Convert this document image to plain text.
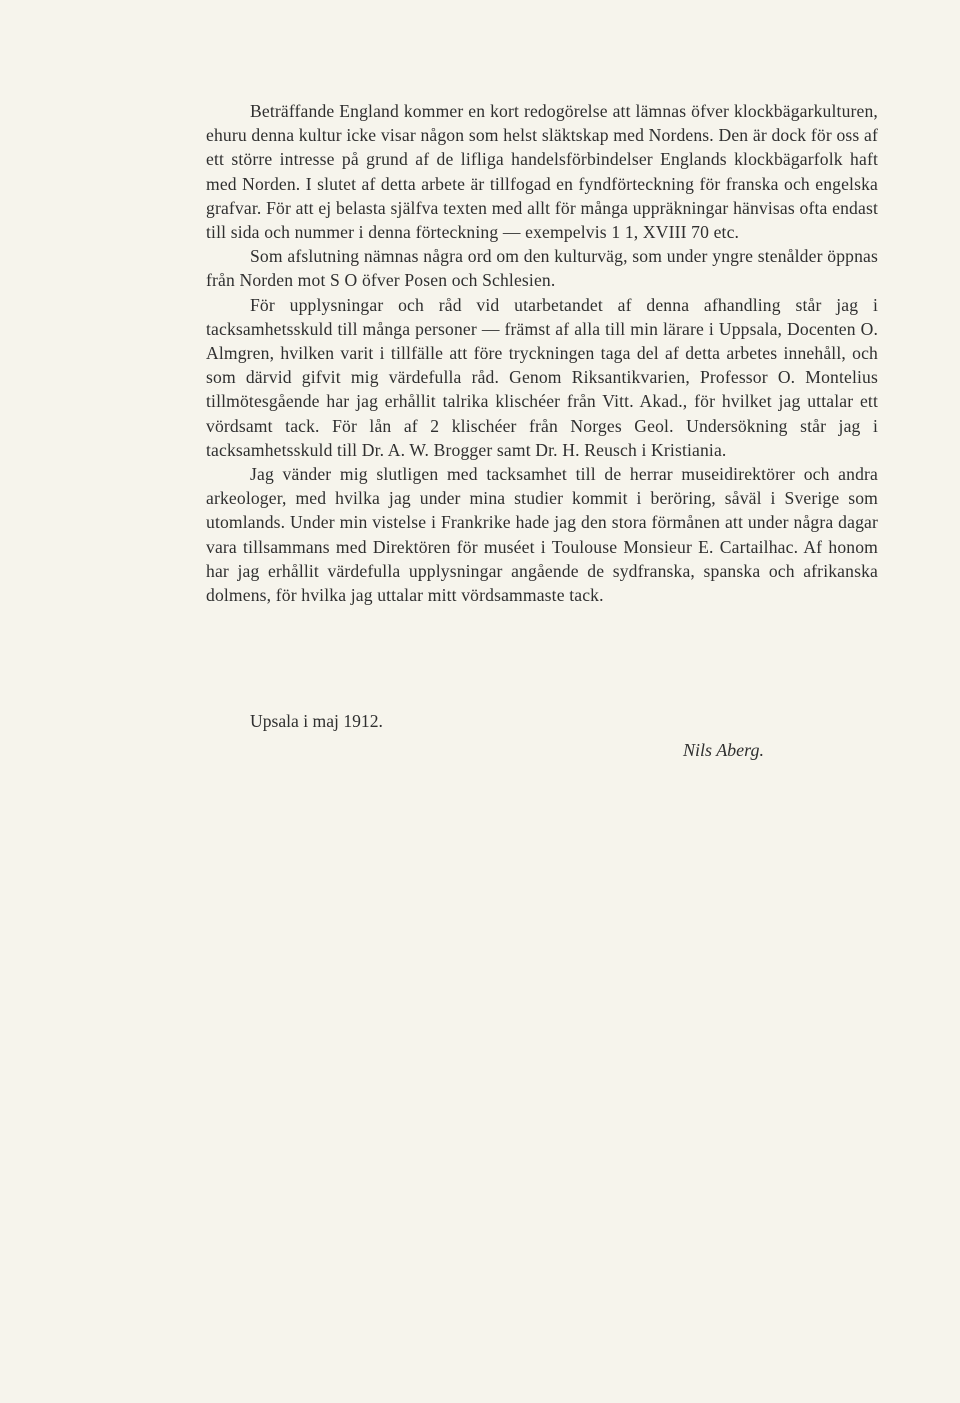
Beträffande England kommer en kort redogörelse att lämnas öfver klockbägarkulturen, ehuru denna kultur icke visar någon som helst släktskap med Nordens. Den är dock för oss af ett större intresse på grund af de lifliga handelsförbindelser Englands klockbägarfolk haft med Norden. I slutet af detta arbete är tillfogad en fyndförteckning för franska och engelska grafvar. För att ej belasta själfva texten med allt för många uppräkningar hänvisas ofta endast till sida och nummer i denna förteckning — exempelvis 1 1, XVIII 70 etc.

Som afslutning nämnas några ord om den kulturväg, som under yngre stenålder öppnas från Norden mot S O öfver Posen och Schlesien.

För upplysningar och råd vid utarbetandet af denna afhandling står jag i tacksamhetsskuld till många personer — främst af alla till min lärare i Uppsala, Docenten O. Almgren, hvilken varit i tillfälle att före tryckningen taga del af detta arbetes innehåll, och som därvid gifvit mig värdefulla råd. Genom Riksantikvarien, Professor O. Montelius tillmötesgående har jag erhållit talrika klischéer från Vitt. Akad., för hvilket jag uttalar ett vördsamt tack. För lån af 2 klischéer från Norges Geol. Undersökning står jag i tacksamhetsskuld till Dr. A. W. Brogger samt Dr. H. Reusch i Kristiania.

Jag vänder mig slutligen med tacksamhet till de herrar museidirektörer och andra arkeologer, med hvilka jag under mina studier kommit i beröring, såväl i Sverige som utomlands. Under min vistelse i Frankrike hade jag den stora förmånen att under några dagar vara tillsammans med Direktören för muséet i Toulouse Monsieur E. Cartailhac. Af honom har jag erhållit värdefulla upplysningar angående de sydfranska, spanska och afrikanska dolmens, för hvilka jag uttalar mitt vördsammaste tack.

Upsala i maj 1912.

Nils Aberg.
